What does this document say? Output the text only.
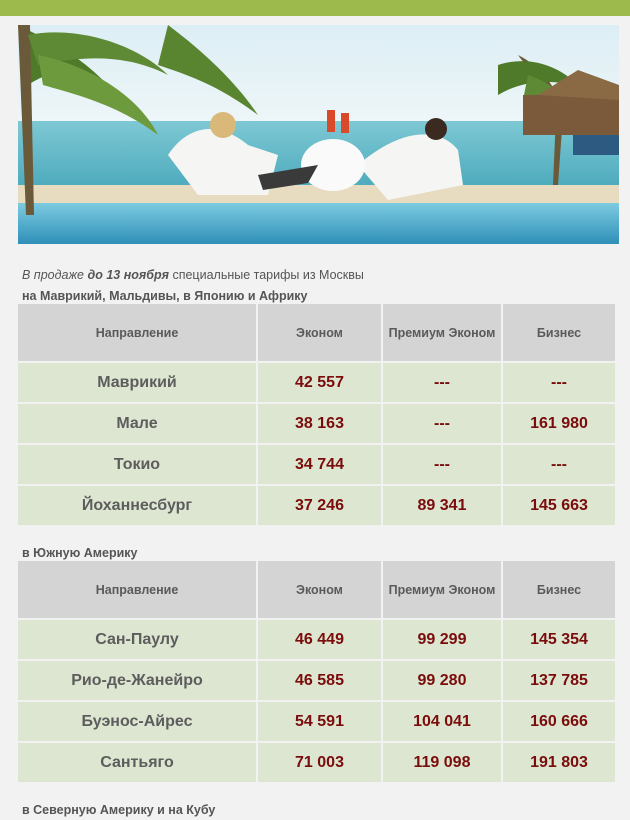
В продаже до 13 ноября специальные тарифы из Москвы
на Маврикий, Мальдивы, в Японию и Африку
Направление	Эконом	Премиум Эконом	Бизнес
Маврикий	42 557	---	---
Мале	38 163	---	161 980
Токио	34 744	---	---
Йоханнесбург	37 246	89 341	145 663
в Южную Америку
Направление	Эконом	Премиум Эконом	Бизнес
Сан-Паулу	46 449	99 299	145 354
Рио-де-Жанейро	46 585	99 280	137 785
Буэнос-Айрес	54 591	104 041	160 666
Сантьяго	71 003	119 098	191 803
в Северную Америку и на Кубу
